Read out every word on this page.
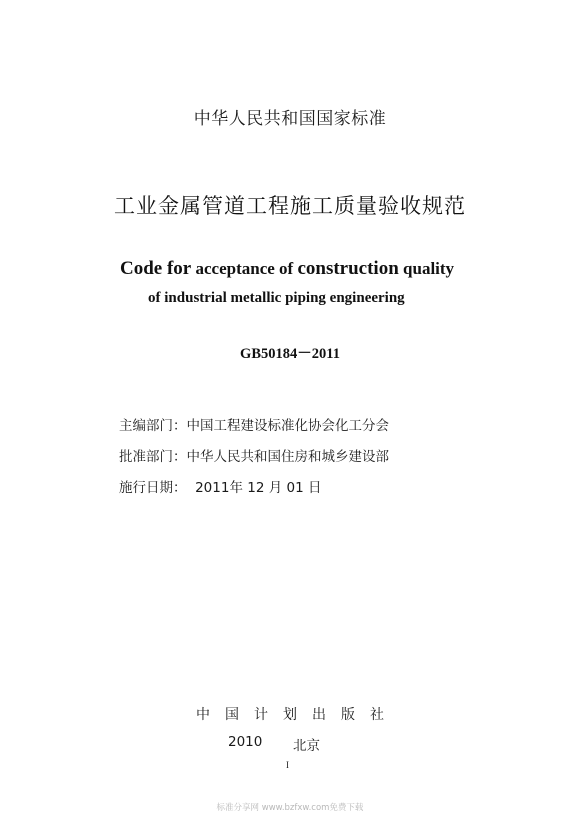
中华人民共和国国家标准
工业金属管道工程施工质量验收规范
Code for acceptance of construction quality
of industrial metallic piping engineering
GB50184－2011
主编部门：中国工程建设标准化协会化工分会
批准部门：中华人民共和国住房和城乡建设部
施行日期：  2011年 12 月 01 日
中国计划出版社
2010 北京
I
标准分享网 www.bzfxw.com免费下载
